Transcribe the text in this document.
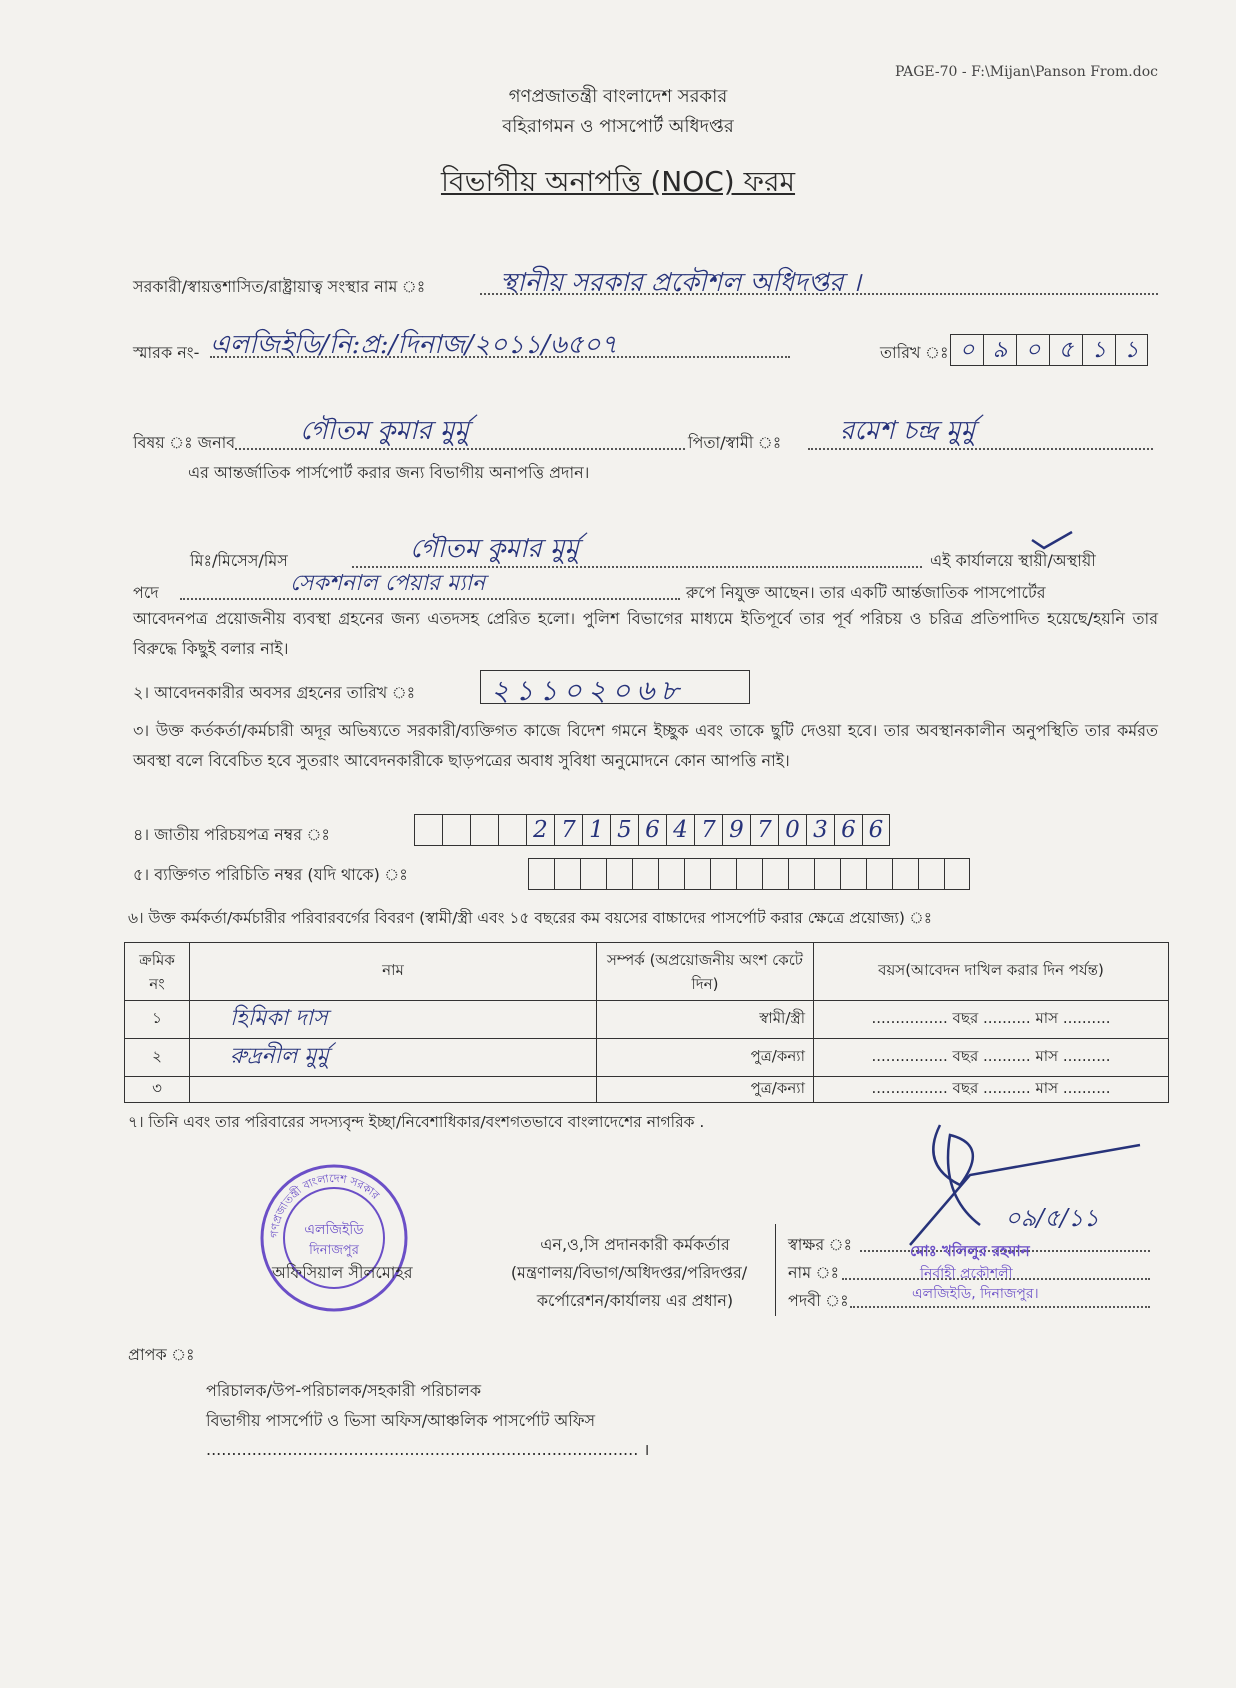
PAGE-70 - F:\Mijan\Panson From.doc
গণপ্রজাতন্ত্রী বাংলাদেশ সরকার
বহিরাগমন ও পাসপোর্ট অধিদপ্তর
বিভাগীয় অনাপত্তি (NOC) ফরম
সরকারী/স্বায়ত্তশাসিত/রাষ্ট্রায়াত্ব সংস্থার নাম ঃ	স্থানীয় সরকার প্রকৌশল অধিদপ্তর ।
স্মারক নং- এলজিইডি/নি:প্র:/দিনাজ/২০১১/৬৫০৭	তারিখ ঃ ০ ৯ ০ ৫ ১ ১
বিষয় ঃ জনাব গৌতম কুমার মুর্মু	পিতা/স্বামী ঃ রমেশ চন্দ্র মুর্মু
এর আন্তর্জাতিক পার্সপোর্ট করার জন্য বিভাগীয় অনাপত্তি প্রদান।
মিঃ/মিসেস/মিস	গৌতম কুমার মুর্মু	এই কার্যালয়ে স্থায়ী/অস্থায়ী
পদে	সেকশনাল পেয়ার ম্যান	রুপে নিযুক্ত আছেন। তার একটি আর্ন্তজাতিক পাসপোর্টের
আবেদনপত্র প্রয়োজনীয় ব্যবস্থা গ্রহনের জন্য এতদসহ প্রেরিত হলো। পুলিশ বিভাগের মাধ্যমে ইতিপূর্বে তার পূর্ব পরিচয় ও চরিত্র প্রতিপাদিত হয়েছে/হয়নি তার বিরুদ্ধে কিছুই বলার নাই।
২। আবেদনকারীর অবসর গ্রহনের তারিখ ঃ	২১১০২০৬৮
৩। উক্ত কর্তকর্তা/কর্মচারী অদূর অভিষ্যতে সরকারী/ব্যক্তিগত কাজে বিদেশ গমনে ইচ্ছুক এবং তাকে ছুটি দেওয়া হবে। তার অবস্থানকালীন অনুপস্থিতি তার কর্মরত অবস্থা বলে বিবেচিত হবে সুতরাং আবেদনকারীকে ছাড়পত্রের অবাধ সুবিধা অনুমোদনে কোন আপত্তি নাই।
৪। জাতীয় পরিচয়পত্র নম্বর ঃ	2 7 1 5 6 4 7 9 7 0 3 6 6
৫। ব্যক্তিগত পরিচিতি নম্বর (যদি থাকে) ঃ
৬। উক্ত কর্মকর্তা/কর্মচারীর পরিবারবর্গের বিবরণ (স্বামী/স্ত্রী এবং ১৫ বছরের কম বয়সের বাচ্চাদের পাসর্পোট করার ক্ষেত্রে প্রয়োজ্য) ঃ
ক্রমিক নং	নাম	সম্পর্ক (অপ্রয়োজনীয় অংশ কেটে দিন)	বয়স(আবেদন দাখিল করার দিন পর্যন্ত)
১	হিমিকা দাস	স্বামী/স্ত্রী	................ বছর .......... মাস ..........
২	রুদ্রনীল মুর্মু	পুত্র/কন্যা	................ বছর .......... মাস ..........
৩		পুত্র/কন্যা	................ বছর .......... মাস ..........
৭। তিনি এবং তার পরিবারের সদস্যবৃন্দ ইচ্ছা/নিবেশাধিকার/বংশগতভাবে বাংলাদেশের নাগরিক .
গণপ্রজাতন্ত্রী বাংলাদেশ সরকার
এলজিইডি
দিনাজপুর
অফিসিয়াল সীলমোহর
এন,ও,সি প্রদানকারী কর্মকর্তার
(মন্ত্রণালয়/বিভাগ/অধিদপ্তর/পরিদপ্তর/
কর্পোরেশন/কার্যালয় এর প্রধান)
স্বাক্ষর ঃ
নাম ঃ
পদবী ঃ
০৯/৫/১১
মোঃ খলিলুর রহমান
নির্বাহী প্রকৌশলী
এলজিইডি, দিনাজপুর।
প্রাপক ঃ
পরিচালক/উপ-পরিচালক/সহকারী পরিচালক
বিভাগীয় পাসর্পোট ও ভিসা অফিস/আঞ্চলিক পাসর্পোট অফিস
..................................................................................... ।
